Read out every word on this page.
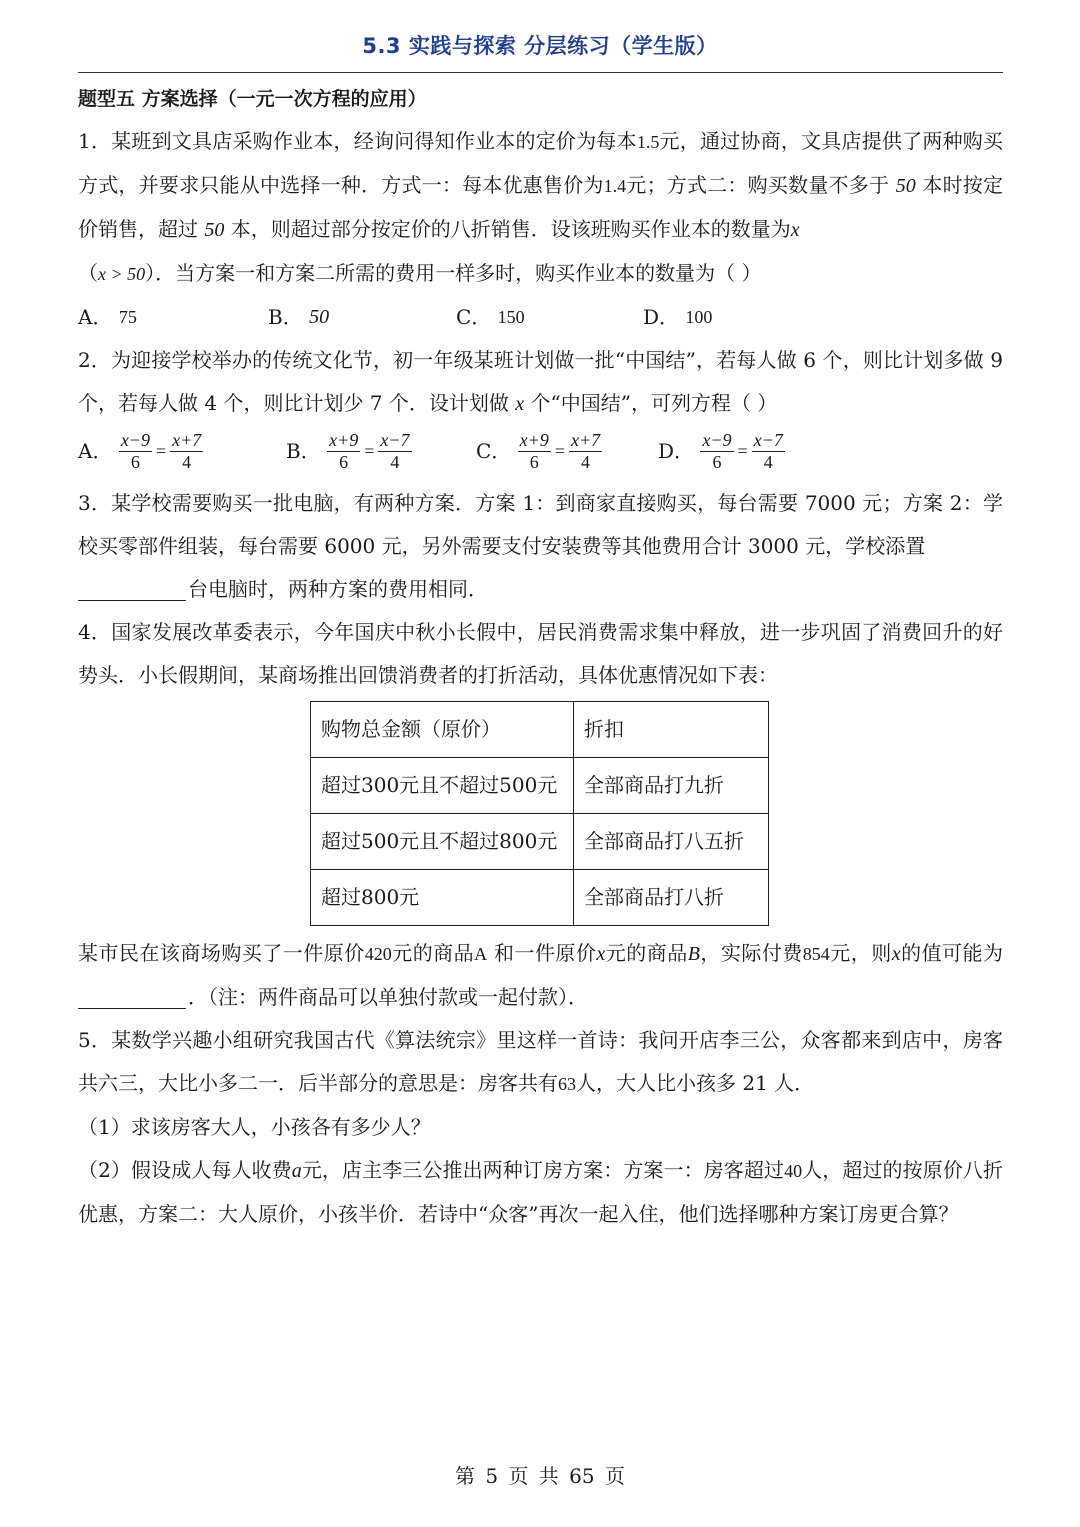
5.3 实践与探索 分层练习（学生版）
题型五 方案选择（一元一次方程的应用）
1．某班到文具店采购作业本，经询问得知作业本的定价为每本1.5元，通过协商，文具店提供了两种购买方式，并要求只能从中选择一种．方式一：每本优惠售价为1.4元；方式二：购买数量不多于 50 本时按定价销售，超过 50 本，则超过部分按定价的八折销售．设该班购买作业本的数量为x
（x > 50）．当方案一和方案二所需的费用一样多时，购买作业本的数量为（ ）
A．
75	B．
50	C．
150	D．
100
2．为迎接学校举办的传统文化节，初一年级某班计划做一批“中国结”，若每人做 6 个，则比计划多做 9 个，若每人做 4 个，则比计划少 7 个．设计划做 x 个“中国结”，可列方程（ ）
A．
$\frac{x-9}{6} = \frac{x+7}{4}$	B．
$\frac{x+9}{6} = \frac{x-7}{4}$	C．
$\frac{x+9}{6} = \frac{x+7}{4}$	D．
$\frac{x-9}{6} = \frac{x-7}{4}$
3．某学校需要购买一批电脑，有两种方案．方案 1：到商家直接购买，每台需要 7000 元；方案 2：学校买零部件组装，每台需要 6000 元，另外需要支付安装费等其他费用合计 3000 元，学校添置
台电脑时，两种方案的费用相同．
4．国家发展改革委表示，今年国庆中秋小长假中，居民消费需求集中释放，进一步巩固了消费回升的好势头．小长假期间，某商场推出回馈消费者的打折活动，具体优惠情况如下表：
购物总金额（原价）	折扣
超过300元且不超过500元	全部商品打九折
超过500元且不超过800元	全部商品打八五折
超过800元	全部商品打八折
某市民在该商场购买了一件原价420元的商品A 和一件原价x元的商品B，实际付费854元，则x的值可能为．（注：两件商品可以单独付款或一起付款）．
5．某数学兴趣小组研究我国古代《算法统宗》里这样一首诗：我问开店李三公，众客都来到店中，房客共六三，大比小多二一．后半部分的意思是：房客共有63人，大人比小孩多 21 人．
（1）求该房客大人，小孩各有多少人？
（2）假设成人每人收费a元，店主李三公推出两种订房方案：方案一：房客超过40人，超过的按原价八折优惠，方案二：大人原价，小孩半价．若诗中“众客”再次一起入住，他们选择哪种方案订房更合算？
第 5 页 共 65 页
